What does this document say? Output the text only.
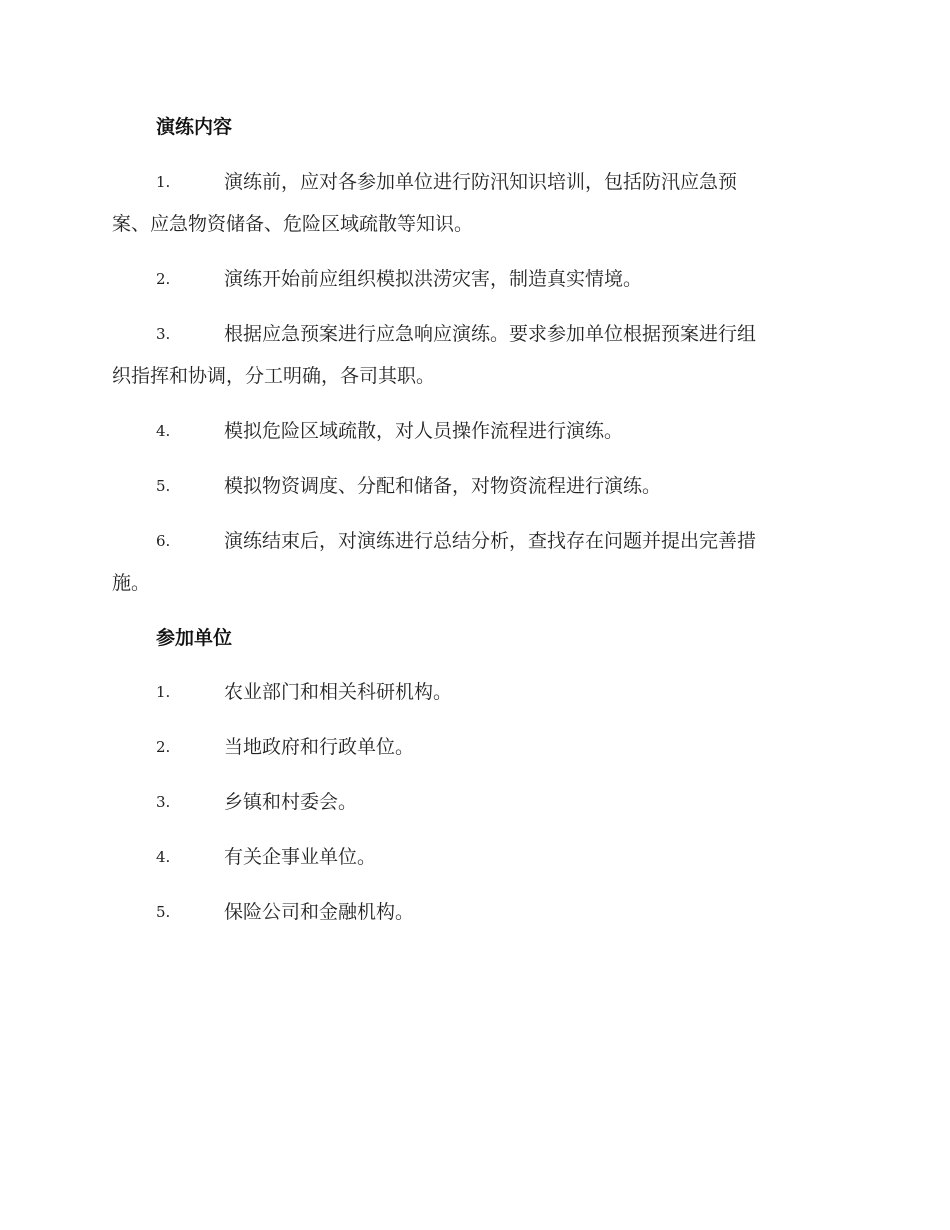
演练内容
1.	演练前，应对各参加单位进行防汛知识培训，包括防汛应急预
案、应急物资储备、危险区域疏散等知识。
2.	演练开始前应组织模拟洪涝灾害，制造真实情境。
3.	根据应急预案进行应急响应演练。要求参加单位根据预案进行组
织指挥和协调，分工明确，各司其职。
4.	模拟危险区域疏散，对人员操作流程进行演练。
5.	模拟物资调度、分配和储备，对物资流程进行演练。
6.	演练结束后，对演练进行总结分析，查找存在问题并提出完善措
施。
参加单位
1.	农业部门和相关科研机构。
2.	当地政府和行政单位。
3.	乡镇和村委会。
4.	有关企事业单位。
5.	保险公司和金融机构。
